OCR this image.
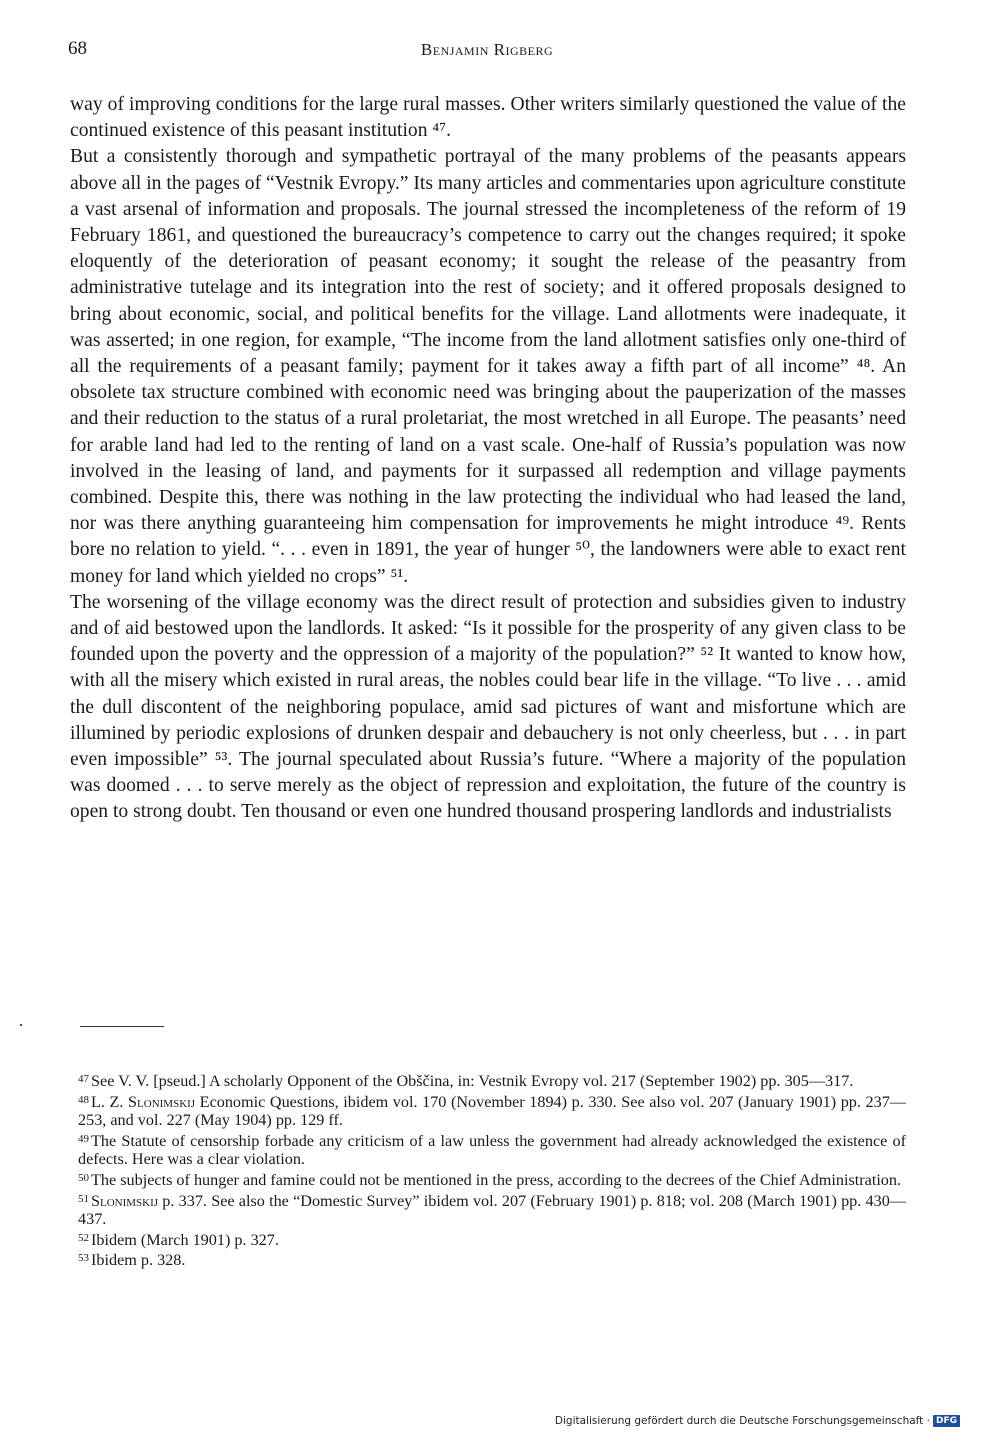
68	Benjamin Rigberg

way of improving conditions for the large rural masses. Other writers similarly questioned the value of the continued existence of this peasant institution ⁴⁷.

But a consistently thorough and sympathetic portrayal of the many problems of the peasants appears above all in the pages of “Vestnik Evropy.” Its many articles and commentaries upon agriculture constitute a vast arsenal of information and proposals. The journal stressed the incompleteness of the reform of 19 February 1861, and questioned the bureaucracy’s competence to carry out the changes required; it spoke eloquently of the deterioration of peasant economy; it sought the release of the peasantry from administrative tutelage and its integration into the rest of society; and it offered proposals designed to bring about economic, social, and political benefits for the village. Land allotments were inadequate, it was asserted; in one region, for example, “The income from the land allotment satisfies only one-third of all the requirements of a peasant family; payment for it takes away a fifth part of all income” ⁴⁸. An obsolete tax structure combined with economic need was bringing about the pauperization of the masses and their reduction to the status of a rural proletariat, the most wretched in all Europe. The peasants’ need for arable land had led to the renting of land on a vast scale. One-half of Russia’s population was now involved in the leasing of land, and payments for it surpassed all redemption and village payments combined. Despite this, there was nothing in the law protecting the individual who had leased the land, nor was there anything guaranteeing him compensation for improvements he might introduce ⁴⁹. Rents bore no relation to yield. “. . . even in 1891, the year of hunger ⁵⁰, the landowners were able to exact rent money for land which yielded no crops” ⁵¹.

The worsening of the village economy was the direct result of protection and subsidies given to industry and of aid bestowed upon the landlords. It asked: “Is it possible for the prosperity of any given class to be founded upon the poverty and the oppression of a majority of the population?” ⁵² It wanted to know how, with all the misery which existed in rural areas, the nobles could bear life in the village. “To live . . . amid the dull discontent of the neighboring populace, amid sad pictures of want and misfortune which are illumined by periodic explosions of drunken despair and debauchery is not only cheerless, but . . . in part even impossible” ⁵³. The journal speculated about Russia’s future. “Where a majority of the population was doomed . . . to serve merely as the object of repression and exploitation, the future of the country is open to strong doubt. Ten thousand or even one hundred thousand prospering landlords and industrialists

$^{47}$ See V. V. [pseud.] A scholarly Opponent of the Obščina, in: Vestnik Evropy vol. 217 (September 1902) pp. 305—317.

$^{48}$ L. Z. Slonimskij Economic Questions, ibidem vol. 170 (November 1894) p. 330. See also vol. 207 (January 1901) pp. 237—253, and vol. 227 (May 1904) pp. 129 ff.

$^{49}$ The Statute of censorship forbade any criticism of a law unless the government had already acknowledged the existence of defects. Here was a clear violation.

$^{50}$ The subjects of hunger and famine could not be mentioned in the press, according to the decrees of the Chief Administration.

$^{51}$ Slonimskij p. 337. See also the “Domestic Survey” ibidem vol. 207 (February 1901) p. 818; vol. 208 (March 1901) pp. 430—437.

$^{52}$ Ibidem (March 1901) p. 327.

$^{53}$ Ibidem p. 328.

Digitalisierung gefördert durch die Deutsche Forschungsgemeinschaft · DFG
